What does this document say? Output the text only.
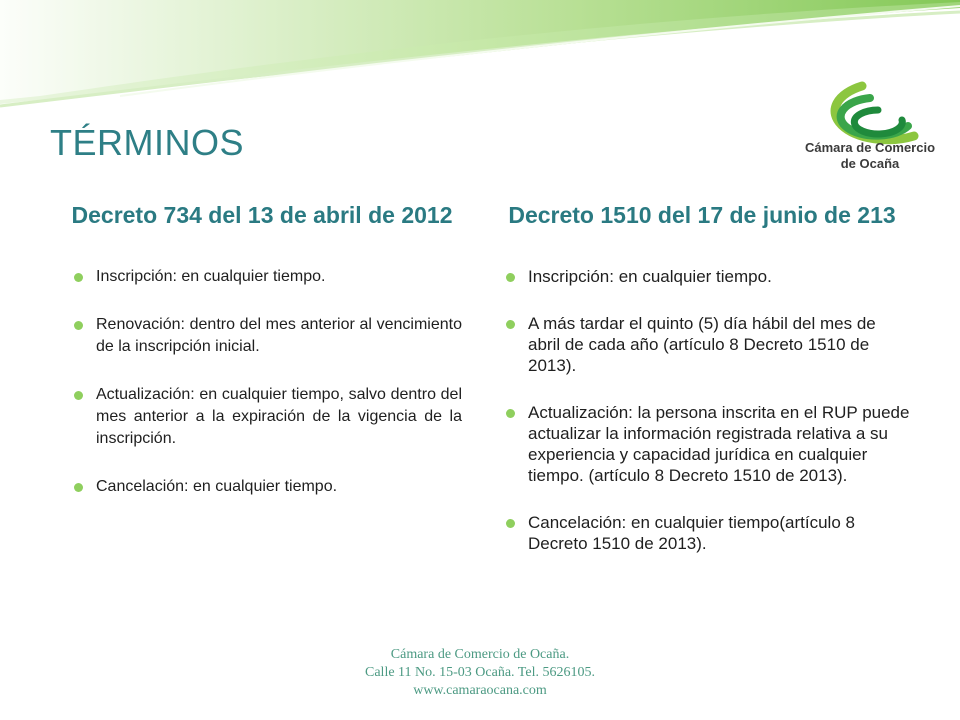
Cámara de Comercio
de Ocaña
TÉRMINOS
Decreto 734 del 13 de abril de 2012	Decreto 1510 del 17 de junio de 213
Inscripción: en cualquier tiempo.
Renovación: dentro del mes anterior al vencimiento de la inscripción inicial.
Actualización: en cualquier tiempo, salvo dentro del mes anterior a la expiración de la vigencia de la inscripción.
Cancelación: en cualquier tiempo.
Inscripción: en cualquier tiempo.
A más tardar el quinto (5) día hábil del mes de abril de cada año (artículo 8 Decreto 1510 de 2013).
Actualización: la persona inscrita en el RUP puede actualizar la información registrada relativa a su experiencia y capacidad jurídica en cualquier tiempo. (artículo 8 Decreto 1510 de 2013).
Cancelación: en cualquier tiempo(artículo 8 Decreto 1510 de 2013).
Cámara de Comercio de Ocaña.
Calle 11 No. 15-03 Ocaña. Tel. 5626105.
www.camaraocana.com
